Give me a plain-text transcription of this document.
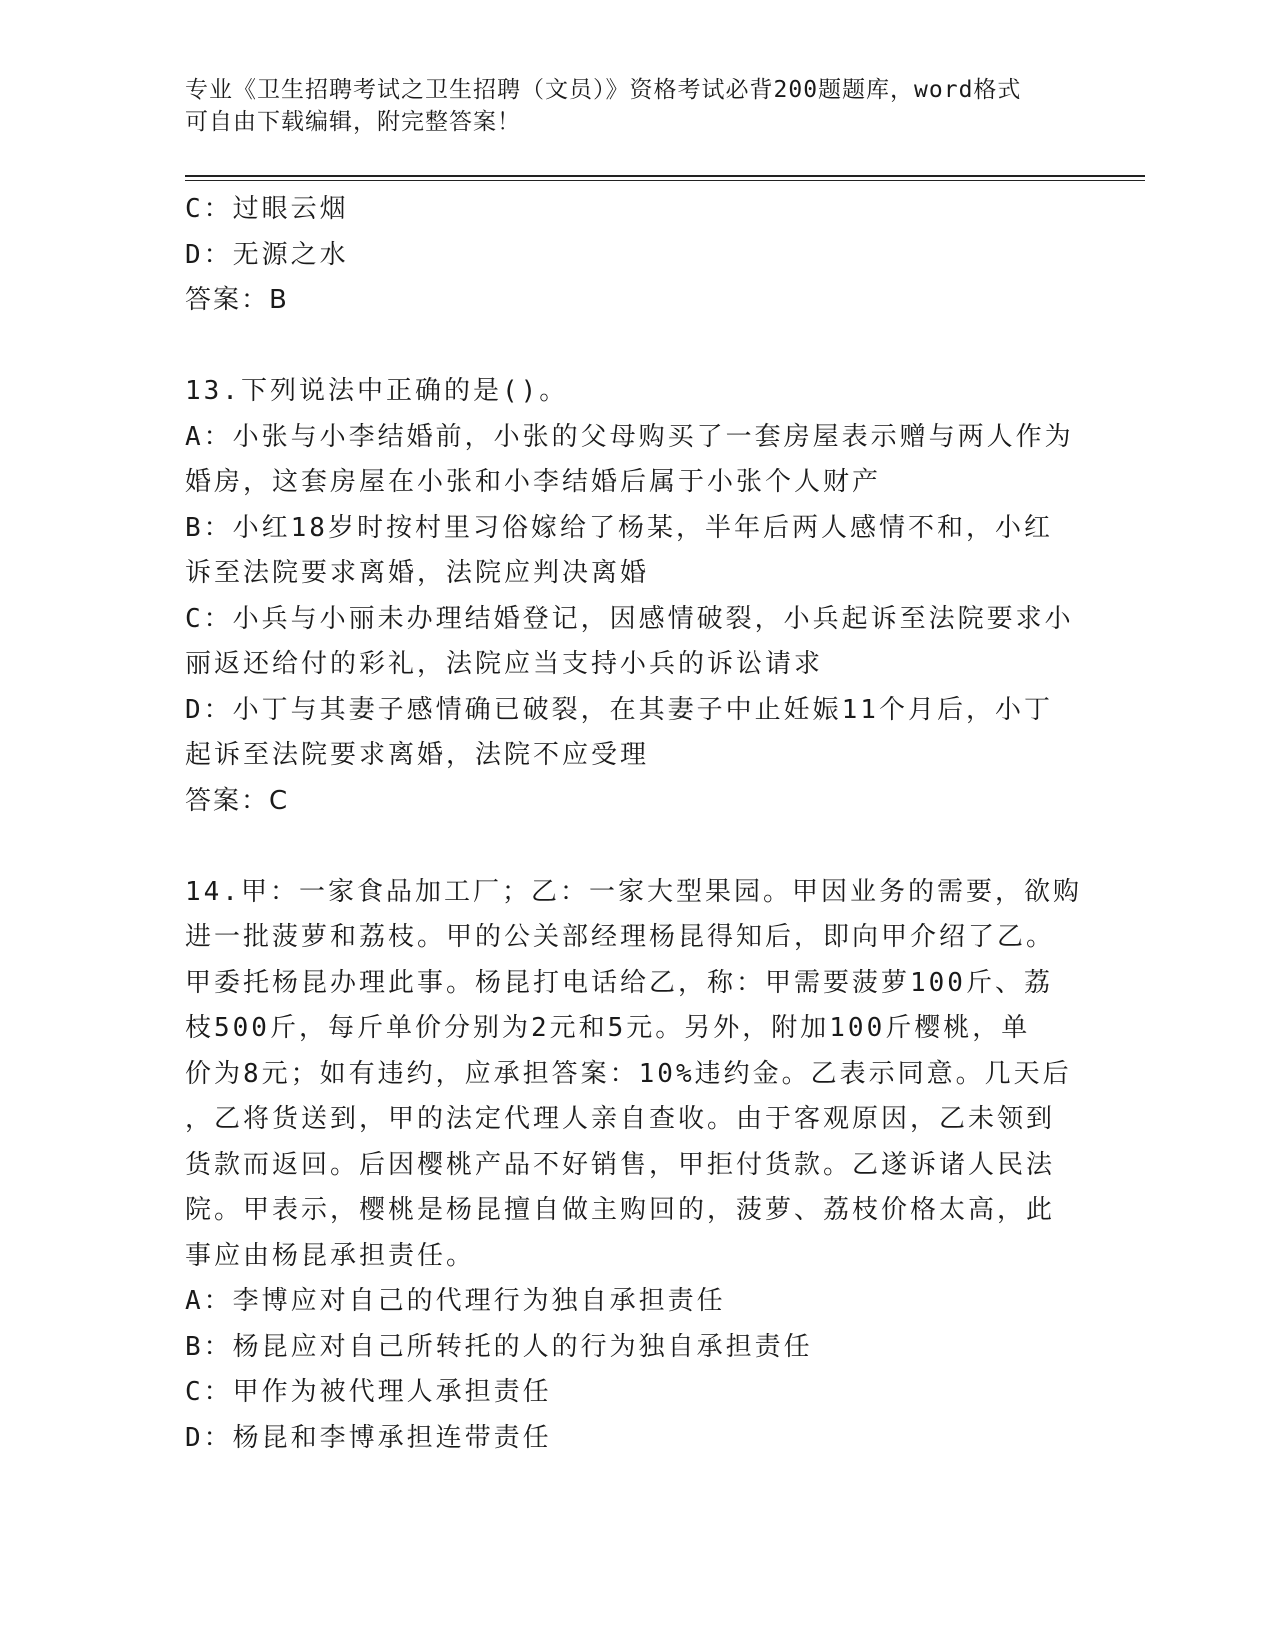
专业《卫生招聘考试之卫生招聘（文员）》资格考试必背200题题库，word格式
可自由下载编辑，附完整答案！
C：过眼云烟
D：无源之水
答案：B
13.下列说法中正确的是()。
A：小张与小李结婚前，小张的父母购买了一套房屋表示赠与两人作为
婚房，这套房屋在小张和小李结婚后属于小张个人财产
B：小红18岁时按村里习俗嫁给了杨某，半年后两人感情不和，小红
诉至法院要求离婚，法院应判决离婚
C：小兵与小丽未办理结婚登记，因感情破裂，小兵起诉至法院要求小
丽返还给付的彩礼，法院应当支持小兵的诉讼请求
D：小丁与其妻子感情确已破裂，在其妻子中止妊娠11个月后，小丁
起诉至法院要求离婚，法院不应受理
答案：C
14.甲：一家食品加工厂；乙：一家大型果园。甲因业务的需要，欲购
进一批菠萝和荔枝。甲的公关部经理杨昆得知后，即向甲介绍了乙。
甲委托杨昆办理此事。杨昆打电话给乙，称：甲需要菠萝100斤、荔
枝500斤，每斤单价分别为2元和5元。另外，附加100斤樱桃，单
价为8元；如有违约，应承担答案：10%违约金。乙表示同意。几天后
，乙将货送到，甲的法定代理人亲自查收。由于客观原因，乙未领到
货款而返回。后因樱桃产品不好销售，甲拒付货款。乙遂诉诸人民法
院。甲表示，樱桃是杨昆擅自做主购回的，菠萝、荔枝价格太高，此
事应由杨昆承担责任。
A：李博应对自己的代理行为独自承担责任
B：杨昆应对自己所转托的人的行为独自承担责任
C：甲作为被代理人承担责任
D：杨昆和李博承担连带责任
